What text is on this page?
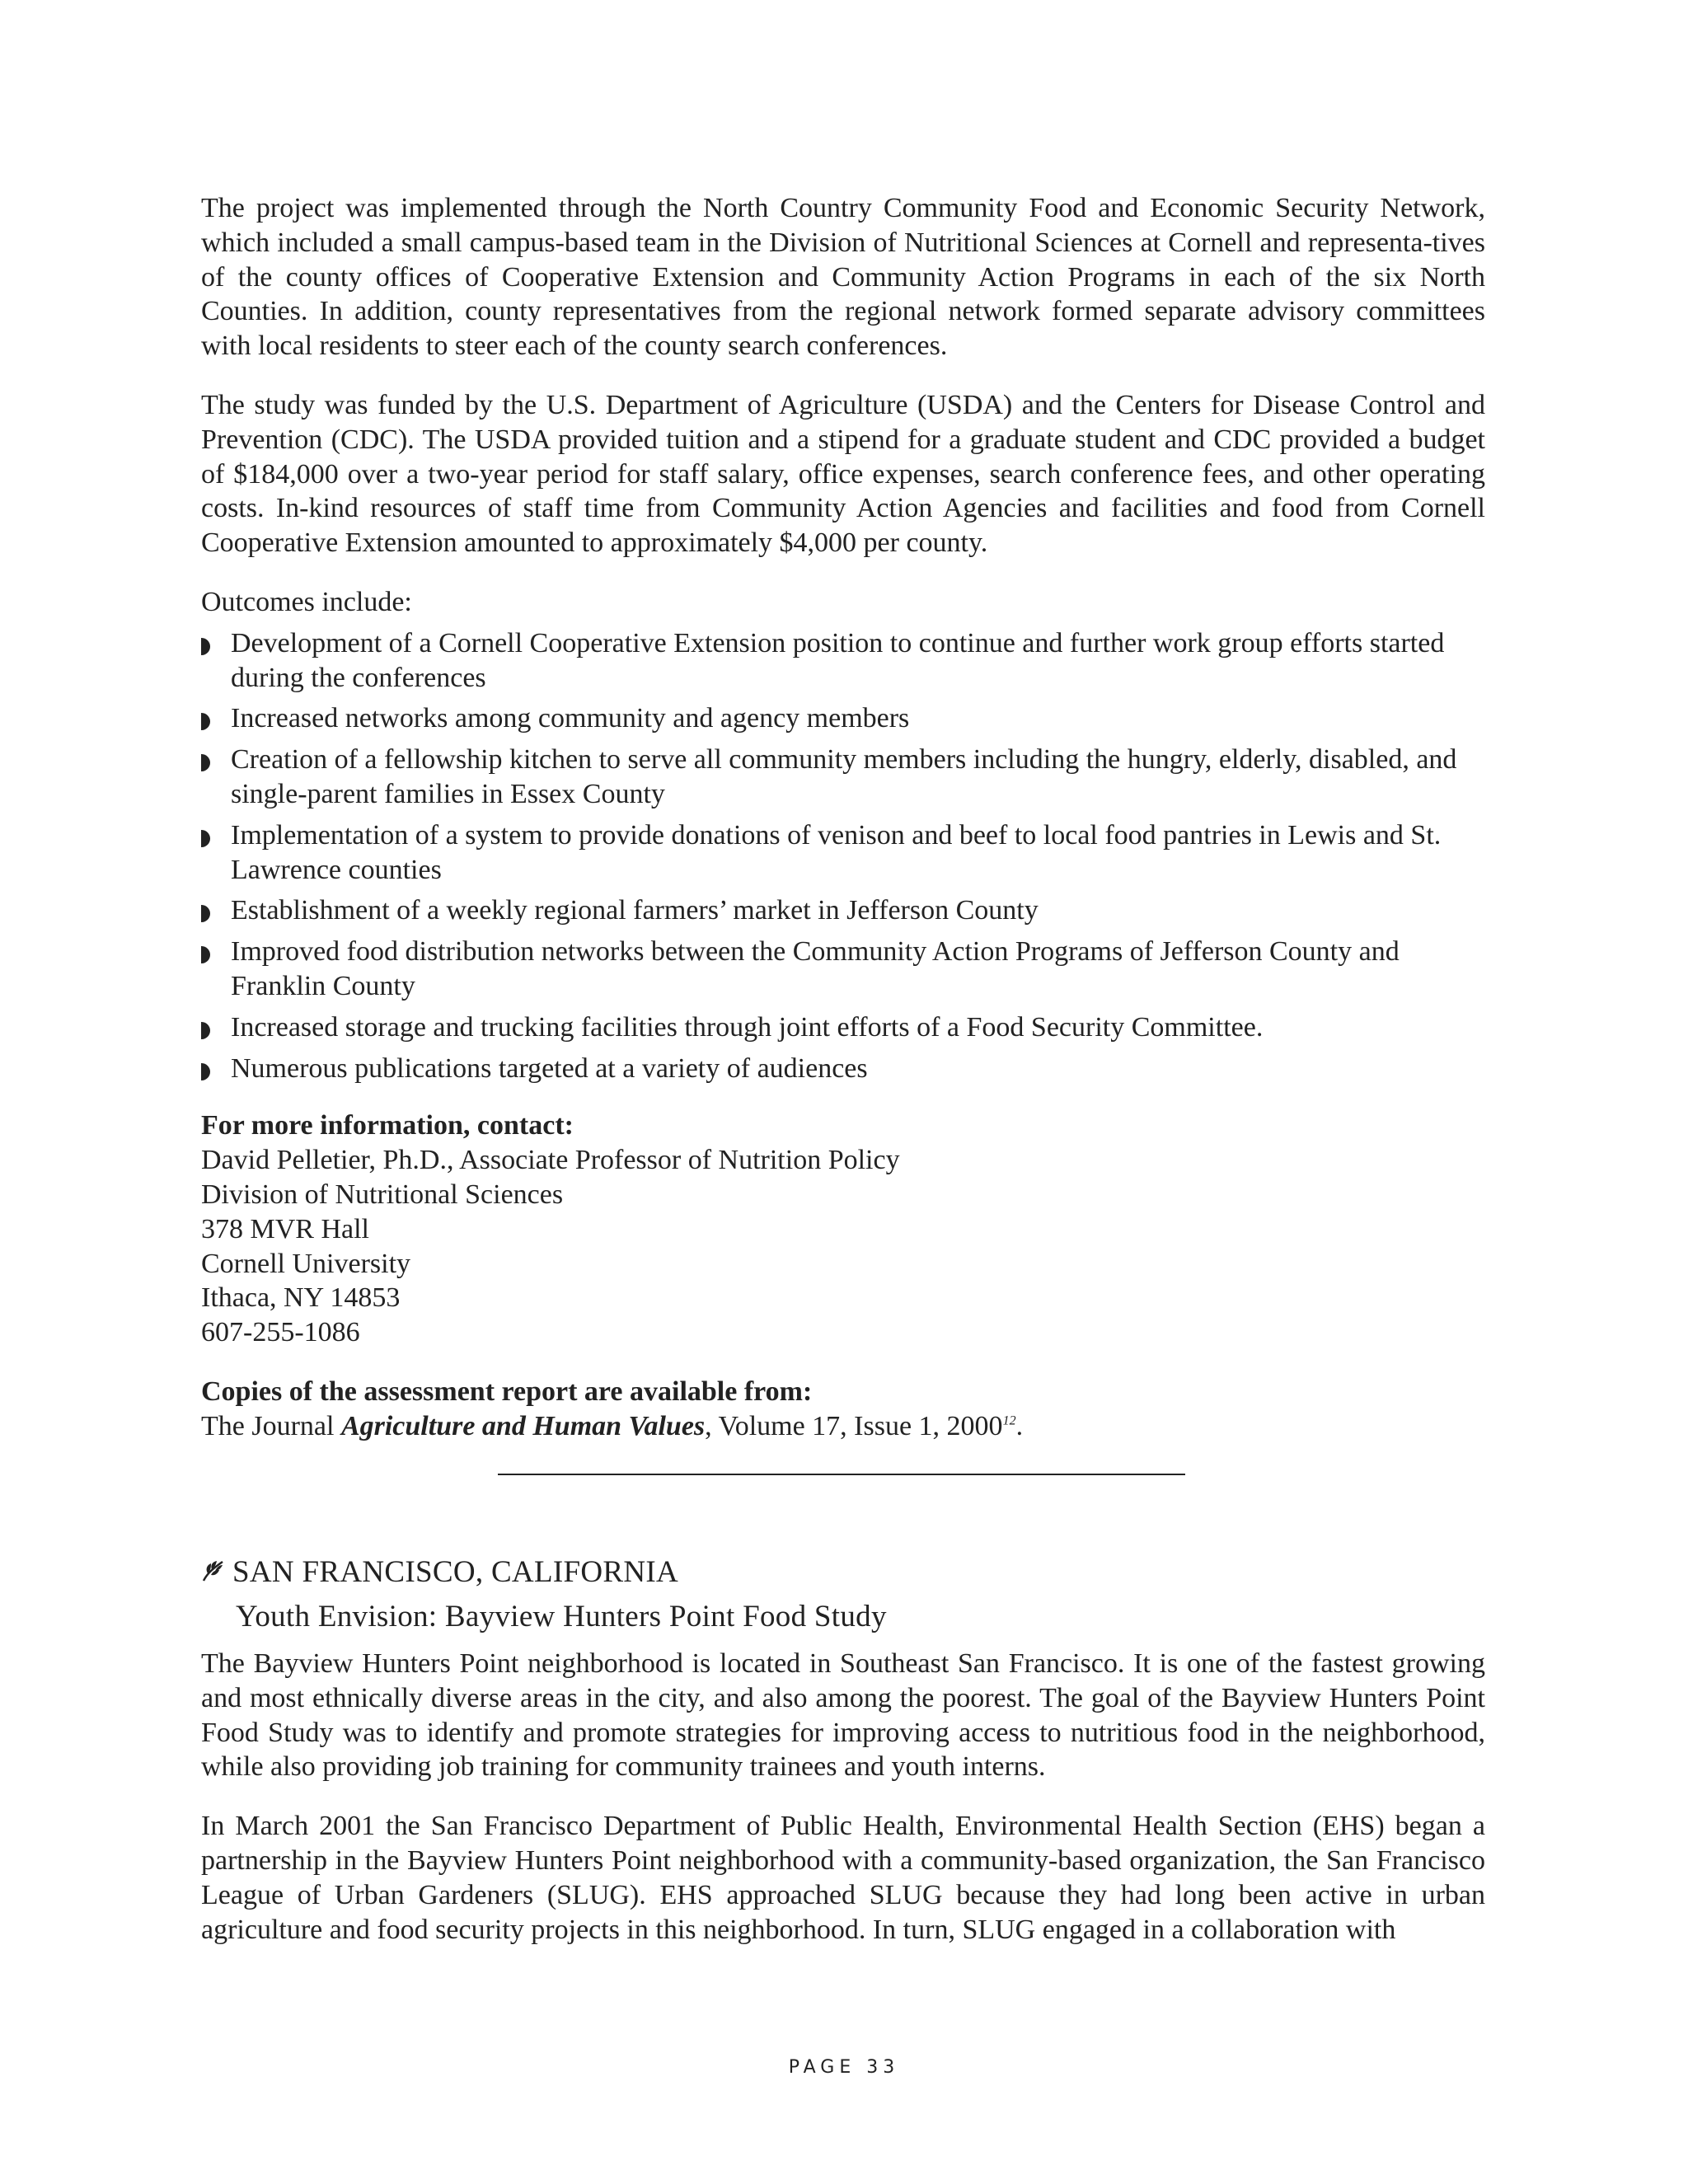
The project was implemented through the North Country Community Food and Economic Security Network, which included a small campus-based team in the Division of Nutritional Sciences at Cornell and representa-tives of the county offices of Cooperative Extension and Community Action Programs in each of the six North Counties. In addition, county representatives from the regional network formed separate advisory committees with local residents to steer each of the county search conferences.

The study was funded by the U.S. Department of Agriculture (USDA) and the Centers for Disease Control and Prevention (CDC). The USDA provided tuition and a stipend for a graduate student and CDC provided a budget of $184,000 over a two-year period for staff salary, office expenses, search conference fees, and other operating costs. In-kind resources of staff time from Community Action Agencies and facilities and food from Cornell Cooperative Extension amounted to approximately $4,000 per county.

Outcomes include:

Development of a Cornell Cooperative Extension position to continue and further work group efforts started during the conferences
Increased networks among community and agency members
Creation of a fellowship kitchen to serve all community members including the hungry, elderly, disabled, and single-parent families in Essex County
Implementation of a system to provide donations of venison and beef to local food pantries in Lewis and St. Lawrence counties
Establishment of a weekly regional farmers’ market in Jefferson County
Improved food distribution networks between the Community Action Programs of Jefferson County and Franklin County
Increased storage and trucking facilities through joint efforts of a Food Security Committee.
Numerous publications targeted at a variety of audiences
For more information, contact:
David Pelletier, Ph.D., Associate Professor of Nutrition Policy
Division of Nutritional Sciences
378 MVR Hall
Cornell University
Ithaca, NY 14853
607-255-1086
Copies of the assessment report are available from:
The Journal Agriculture and Human Values, Volume 17, Issue 1, 2000$^{12}$.
SAN FRANCISCO, CALIFORNIA
Youth Envision: Bayview Hunters Point Food Study

The Bayview Hunters Point neighborhood is located in Southeast San Francisco. It is one of the fastest growing and most ethnically diverse areas in the city, and also among the poorest. The goal of the Bayview Hunters Point Food Study was to identify and promote strategies for improving access to nutritious food in the neighborhood, while also providing job training for community trainees and youth interns.

In March 2001 the San Francisco Department of Public Health, Environmental Health Section (EHS) began a partnership in the Bayview Hunters Point neighborhood with a community-based organization, the San Francisco League of Urban Gardeners (SLUG). EHS approached SLUG because they had long been active in urban agriculture and food security projects in this neighborhood. In turn, SLUG engaged in a collaboration with

PAGE 33
